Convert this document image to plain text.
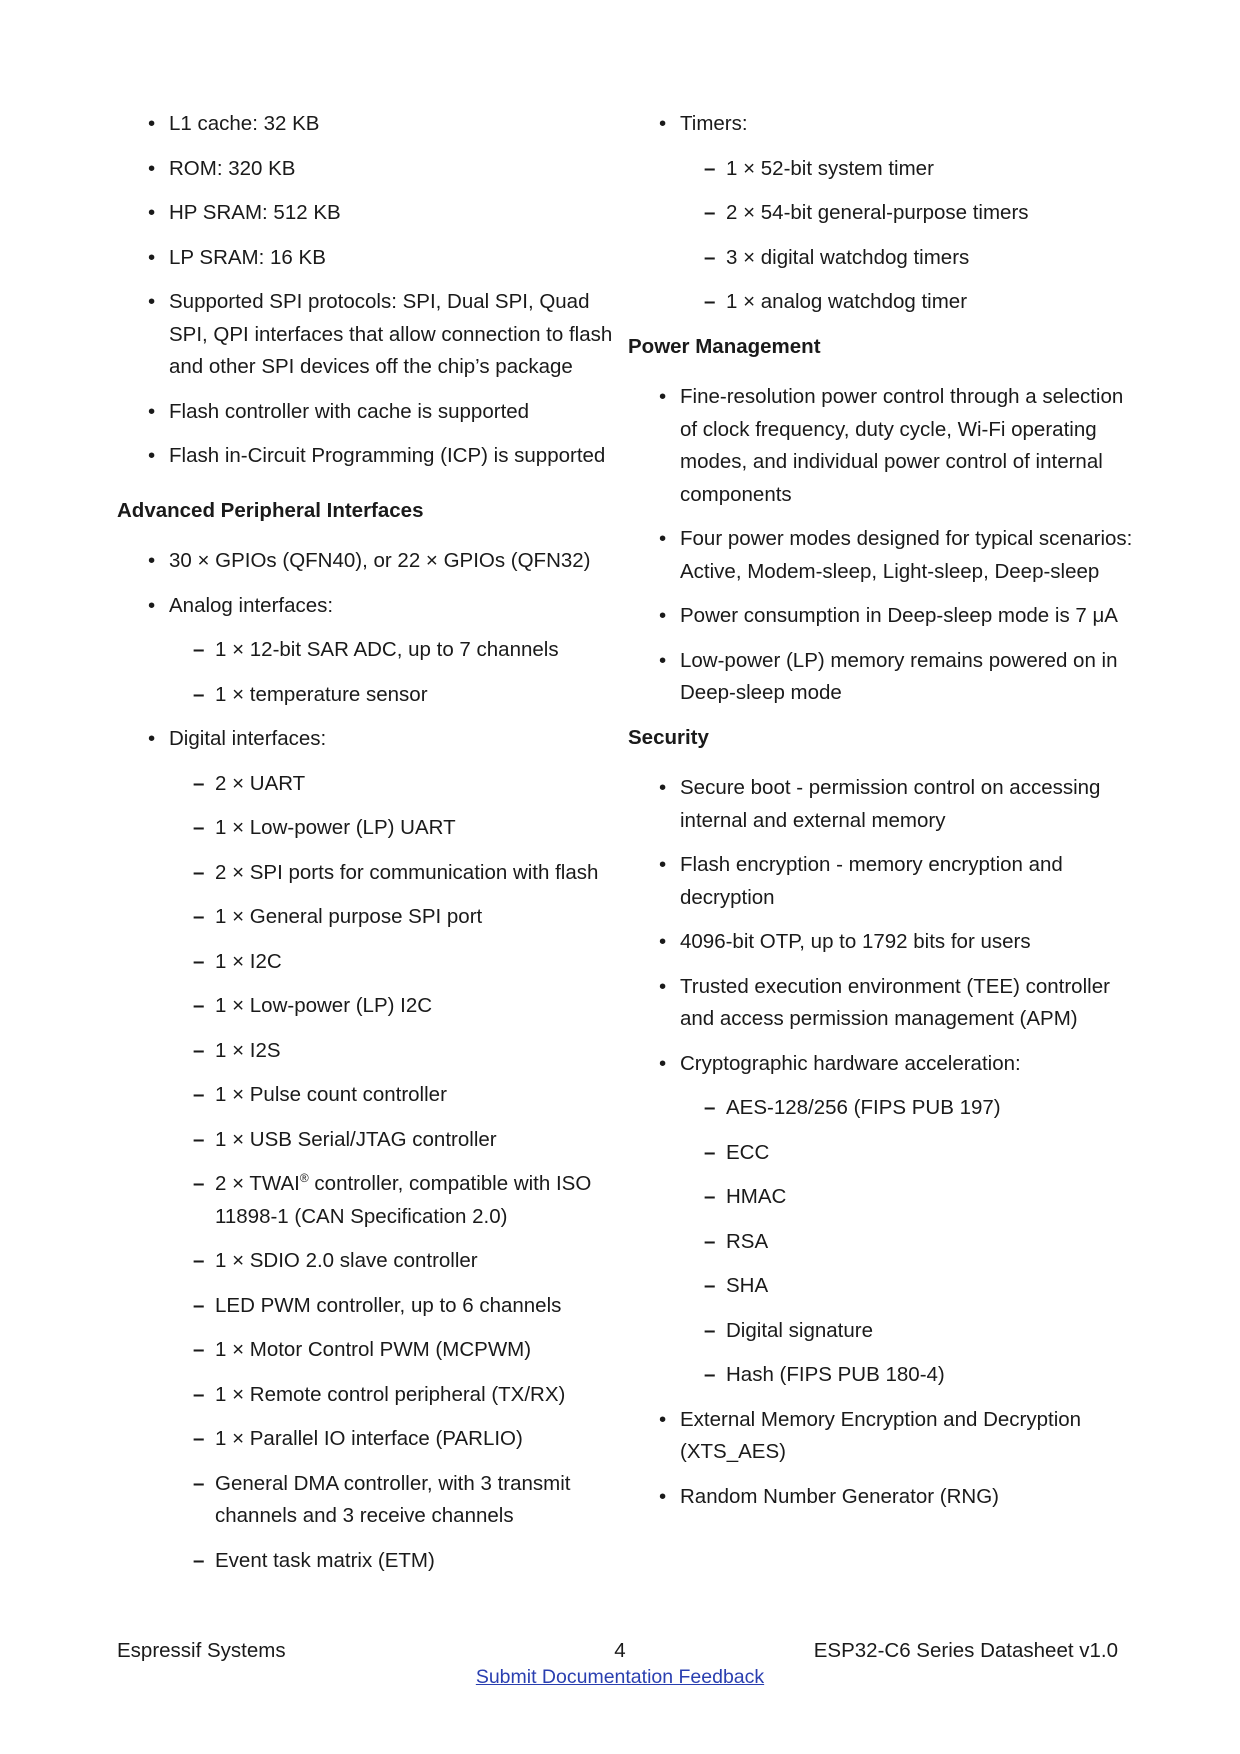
• L1 cache: 32 KB
• ROM: 320 KB
• HP SRAM: 512 KB
• LP SRAM: 16 KB
• Supported SPI protocols: SPI, Dual SPI, Quad SPI, QPI interfaces that allow connection to flash and other SPI devices off the chip’s package
• Flash controller with cache is supported
• Flash in-Circuit Programming (ICP) is supported
Advanced Peripheral Interfaces
• 30 × GPIOs (QFN40), or 22 × GPIOs (QFN32)
• Analog interfaces:
– 1 × 12-bit SAR ADC, up to 7 channels
– 1 × temperature sensor
• Digital interfaces:
– 2 × UART
– 1 × Low-power (LP) UART
– 2 × SPI ports for communication with flash
– 1 × General purpose SPI port
– 1 × I2C
– 1 × Low-power (LP) I2C
– 1 × I2S
– 1 × Pulse count controller
– 1 × USB Serial/JTAG controller
– 2 × TWAI® controller, compatible with ISO 11898-1 (CAN Specification 2.0)
– 1 × SDIO 2.0 slave controller
– LED PWM controller, up to 6 channels
– 1 × Motor Control PWM (MCPWM)
– 1 × Remote control peripheral (TX/RX)
– 1 × Parallel IO interface (PARLIO)
– General DMA controller, with 3 transmit channels and 3 receive channels
– Event task matrix (ETM)
• Timers:
– 1 × 52-bit system timer
– 2 × 54-bit general-purpose timers
– 3 × digital watchdog timers
– 1 × analog watchdog timer
Power Management
• Fine-resolution power control through a selection of clock frequency, duty cycle, Wi-Fi operating modes, and individual power control of internal components
• Four power modes designed for typical scenarios: Active, Modem-sleep, Light-sleep, Deep-sleep
• Power consumption in Deep-sleep mode is 7 μA
• Low-power (LP) memory remains powered on in Deep-sleep mode
Security
• Secure boot - permission control on accessing internal and external memory
• Flash encryption - memory encryption and decryption
• 4096-bit OTP, up to 1792 bits for users
• Trusted execution environment (TEE) controller and access permission management (APM)
• Cryptographic hardware acceleration:
– AES-128/256 (FIPS PUB 197)
– ECC
– HMAC
– RSA
– SHA
– Digital signature
– Hash (FIPS PUB 180-4)
• External Memory Encryption and Decryption (XTS_AES)
• Random Number Generator (RNG)
Espressif Systems	4	ESP32-C6 Series Datasheet v1.0
Submit Documentation Feedback
